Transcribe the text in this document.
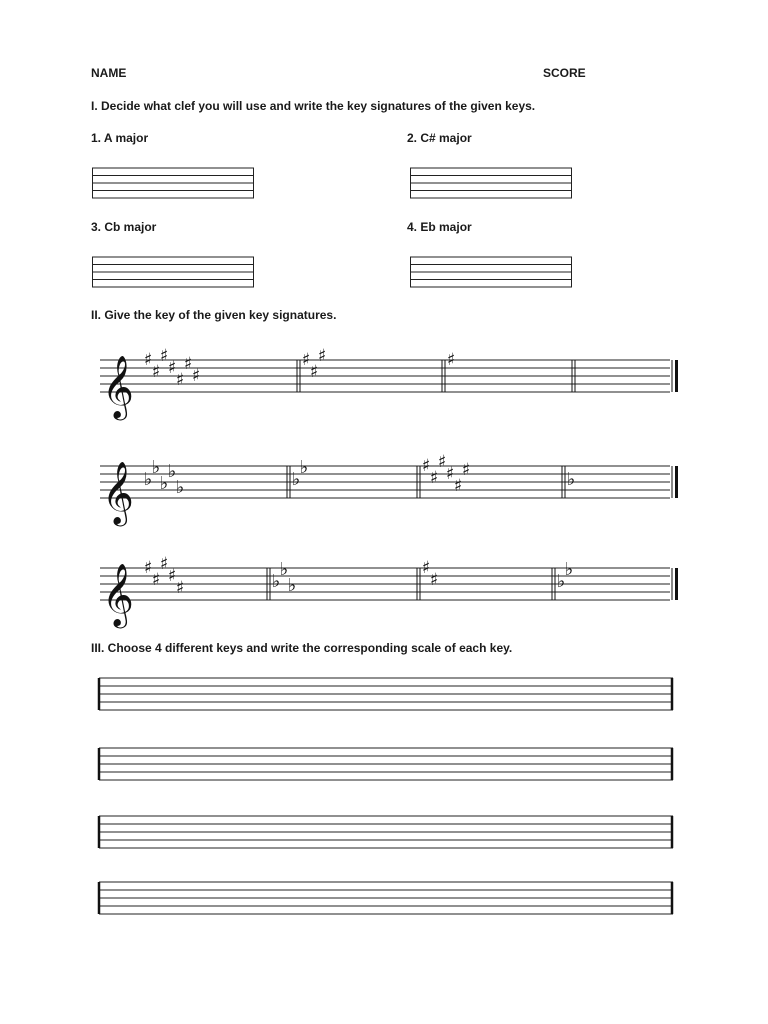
NAME	SCORE
I. Decide what clef you will use and write the key signatures of the given keys.
1. A major	2. C# major
3. Cb major	4. Eb major
II. Give the key of the given key signatures.
𝄞 ♯
♯
♯
♯
♯
♯
♯
♯
♯
♯	♯
𝄞 ♭
♭
♭
♭
♭	♭
♭	♯
♯
♯
♯
♯
♯	♭
𝄞 ♯
♯
♯
♯
♯	♭
♭
♭
♯
♯	♭
♭
III. Choose 4 different keys and write the corresponding scale of each key.
